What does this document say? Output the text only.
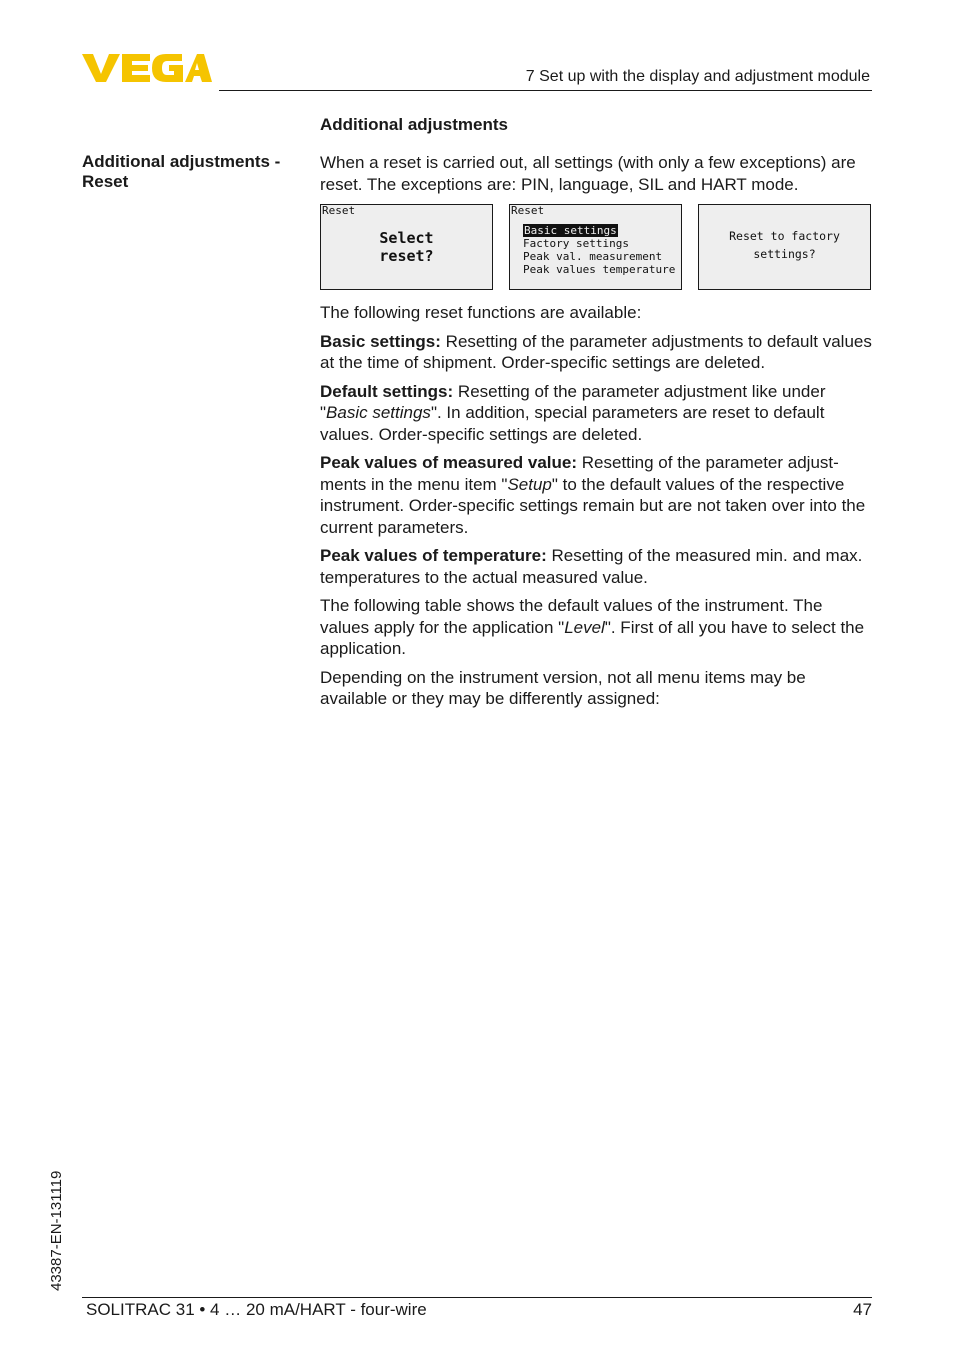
7 Set up with the display and adjustment module
Additional adjustments
Additional adjustments - Reset

When a reset is carried out, all settings (with only a few exceptions) are reset. The exceptions are: PIN, language, SIL and HART mode.

Reset
Select
reset?
Reset
Basic settings
Factory settings
Peak val. measurement
Peak values temperature
Reset to factory
settings?

The following reset functions are available:

Basic settings: Resetting of the parameter adjustments to default values at the time of shipment. Order-specific settings are deleted.

Default settings: Resetting of the parameter adjustment like under "Basic settings". In addition, special parameters are reset to default values. Order-specific settings are deleted.

Peak values of measured value: Resetting of the parameter adjust-ments in the menu item "Setup" to the default values of the respective instrument. Order-specific settings remain but are not taken over into the current parameters.

Peak values of temperature: Resetting of the measured min. and max. temperatures to the actual measured value.

The following table shows the default values of the instrument. The values apply for the application "Level". First of all you have to select the application.

Depending on the instrument version, not all menu items may be available or they may be differently assigned:

43387-EN-131119
SOLITRAC 31 • 4 … 20 mA/HART - four-wire	47
